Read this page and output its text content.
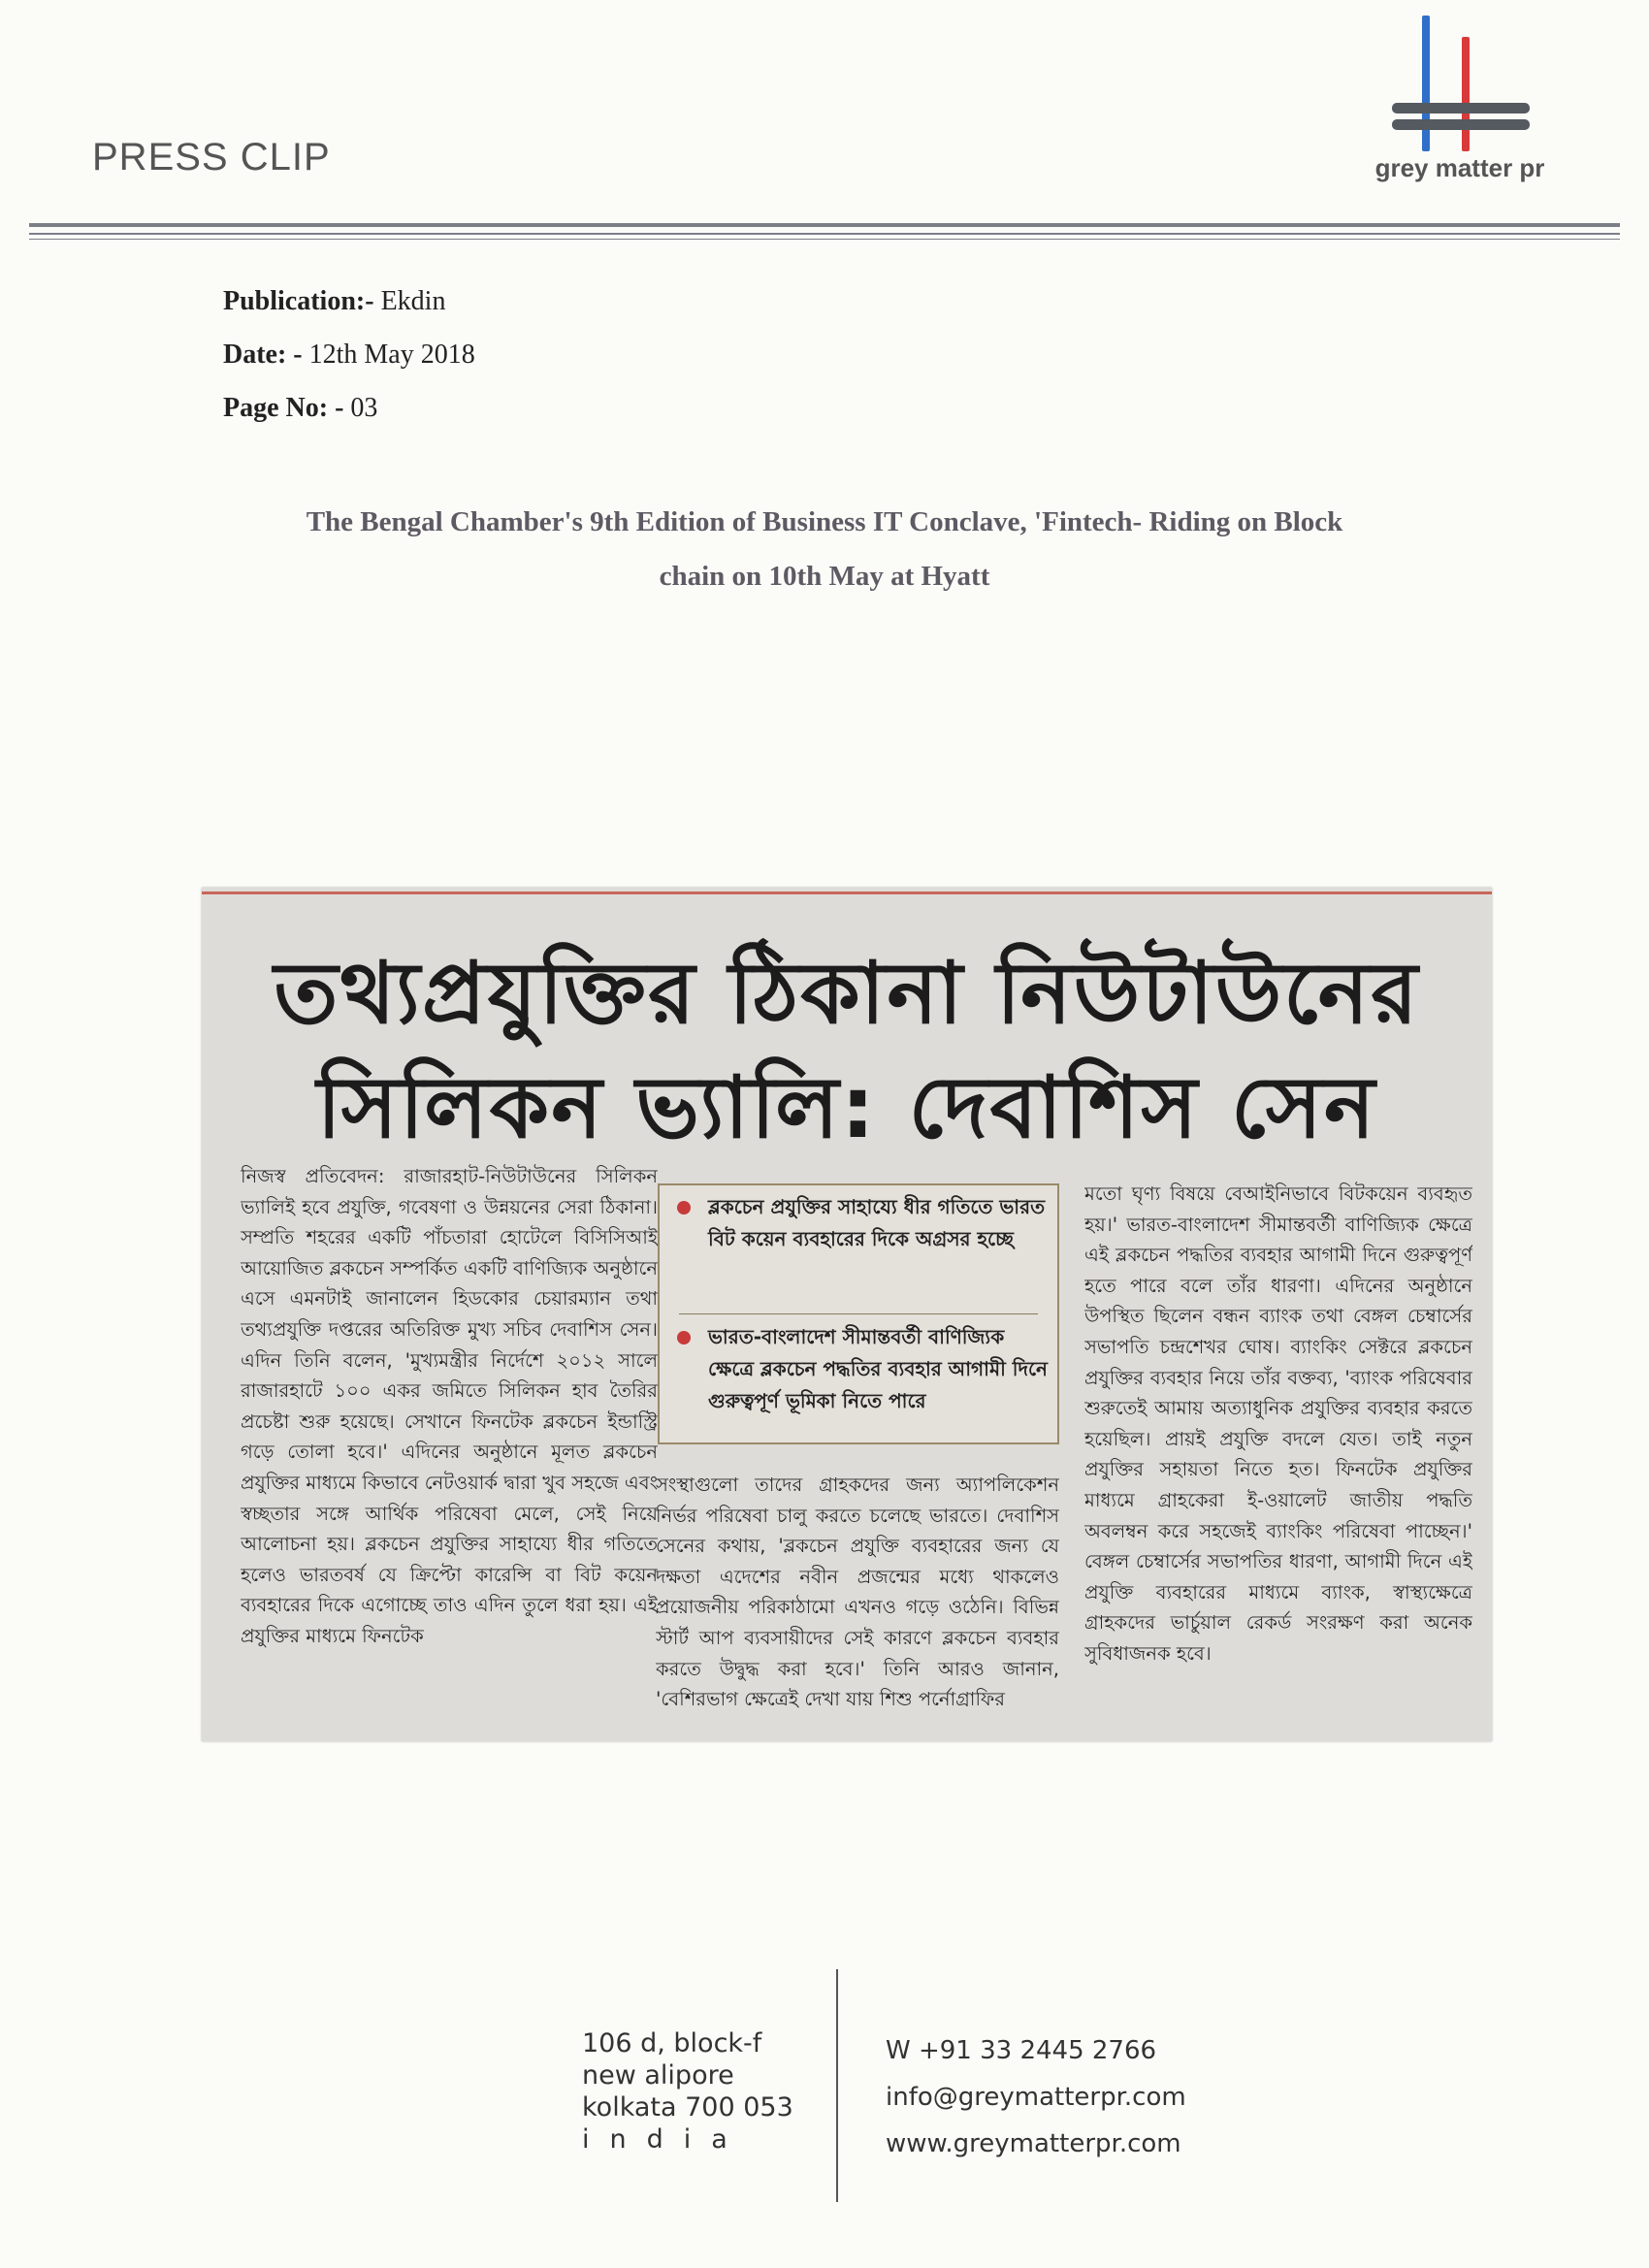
PRESS CLIP	grey matter pr
Publication:- Ekdin
Date: - 12th May 2018
Page No: - 03
The Bengal Chamber's 9th Edition of Business IT Conclave, 'Fintech- Riding on Block
chain on 10th May at Hyatt
তথ্যপ্রযুক্তির ঠিকানা নিউটাউনের
সিলিকন ভ্যালি: দেবাশিস সেন
নিজস্ব প্রতিবেদন: রাজারহাট-নিউটাউনের সিলিকন ভ্যালিই হবে প্রযুক্তি, গবেষণা ও উন্নয়নের সেরা ঠিকানা। সম্প্রতি শহরের একটি পাঁচতারা হোটেলে বিসিসিআই আয়োজিত ব্লকচেন সম্পর্কিত একটি বাণিজ্যিক অনুষ্ঠানে এসে এমনটাই জানালেন হিডকোর চেয়ারম্যান তথা তথ্যপ্রযুক্তি দপ্তরের অতিরিক্ত মুখ্য সচিব দেবাশিস সেন। এদিন তিনি বলেন, 'মুখ্যমন্ত্রীর নির্দেশে ২০১২ সালে রাজারহাটে ১০০ একর জমিতে সিলিকন হাব তৈরির প্রচেষ্টা শুরু হয়েছে। সেখানে ফিনটেক ব্লকচেন ইন্ডাস্ট্রি গড়ে তোলা হবে।' এদিনের অনুষ্ঠানে মূলত ব্লকচেন প্রযুক্তির মাধ্যমে কিভাবে নেটওয়ার্ক দ্বারা খুব সহজে এবং স্বচ্ছতার সঙ্গে আর্থিক পরিষেবা মেলে, সেই নিয়ে আলোচনা হয়। ব্লকচেন প্রযুক্তির সাহায্যে ধীর গতিতে হলেও ভারতবর্ষ যে ক্রিপ্টো কারেন্সি বা বিট কয়েন ব্যবহারের দিকে এগোচ্ছে তাও এদিন তুলে ধরা হয়। এই প্রযুক্তির মাধ্যমে ফিনটেক
ব্লকচেন প্রযুক্তির সাহায্যে ধীর গতিতে ভারত বিট কয়েন ব্যবহারের দিকে অগ্রসর হচ্ছে
ভারত-বাংলাদেশ সীমান্তবর্তী বাণিজ্যিক ক্ষেত্রে ব্লকচেন পদ্ধতির ব্যবহার আগামী দিনে গুরুত্বপূর্ণ ভূমিকা নিতে পারে
সংস্থাগুলো তাদের গ্রাহকদের জন্য অ্যাপলিকেশন নির্ভর পরিষেবা চালু করতে চলেছে ভারতে। দেবাশিস সেনের কথায়, 'ব্লকচেন প্রযুক্তি ব্যবহারের জন্য যে দক্ষতা এদেশের নবীন প্রজন্মের মধ্যে থাকলেও প্রয়োজনীয় পরিকাঠামো এখনও গড়ে ওঠেনি। বিভিন্ন স্টার্ট আপ ব্যবসায়ীদের সেই কারণে ব্লকচেন ব্যবহার করতে উদ্বুদ্ধ করা হবে।' তিনি আরও জানান, 'বেশিরভাগ ক্ষেত্রেই দেখা যায় শিশু পর্নোগ্রাফির
মতো ঘৃণ্য বিষয়ে বেআইনিভাবে বিটকয়েন ব্যবহৃত হয়।' ভারত-বাংলাদেশ সীমান্তবর্তী বাণিজ্যিক ক্ষেত্রে এই ব্লকচেন পদ্ধতির ব্যবহার আগামী দিনে গুরুত্বপূর্ণ হতে পারে বলে তাঁর ধারণা। এদিনের অনুষ্ঠানে উপস্থিত ছিলেন বন্ধন ব্যাংক তথা বেঙ্গল চেম্বার্সের সভাপতি চন্দ্রশেখর ঘোষ। ব্যাংকিং সেক্টরে ব্লকচেন প্রযুক্তির ব্যবহার নিয়ে তাঁর বক্তব্য, 'ব্যাংক পরিষেবার শুরুতেই আমায় অত্যাধুনিক প্রযুক্তির ব্যবহার করতে হয়েছিল। প্রায়ই প্রযুক্তি বদলে যেত। তাই নতুন প্রযুক্তির সহায়তা নিতে হত। ফিনটেক প্রযুক্তির মাধ্যমে গ্রাহকেরা ই-ওয়ালেট জাতীয় পদ্ধতি অবলম্বন করে সহজেই ব্যাংকিং পরিষেবা পাচ্ছেন।' বেঙ্গল চেম্বার্সের সভাপতির ধারণা, আগামী দিনে এই প্রযুক্তি ব্যবহারের মাধ্যমে ব্যাংক, স্বাস্থ্যক্ষেত্রে গ্রাহকদের ভার্চুয়াল রেকর্ড সংরক্ষণ করা অনেক সুবিধাজনক হবে।
106 d, block-f
new alipore
kolkata 700 053
india
W +91 33 2445 2766
info@greymatterpr.com
www.greymatterpr.com
